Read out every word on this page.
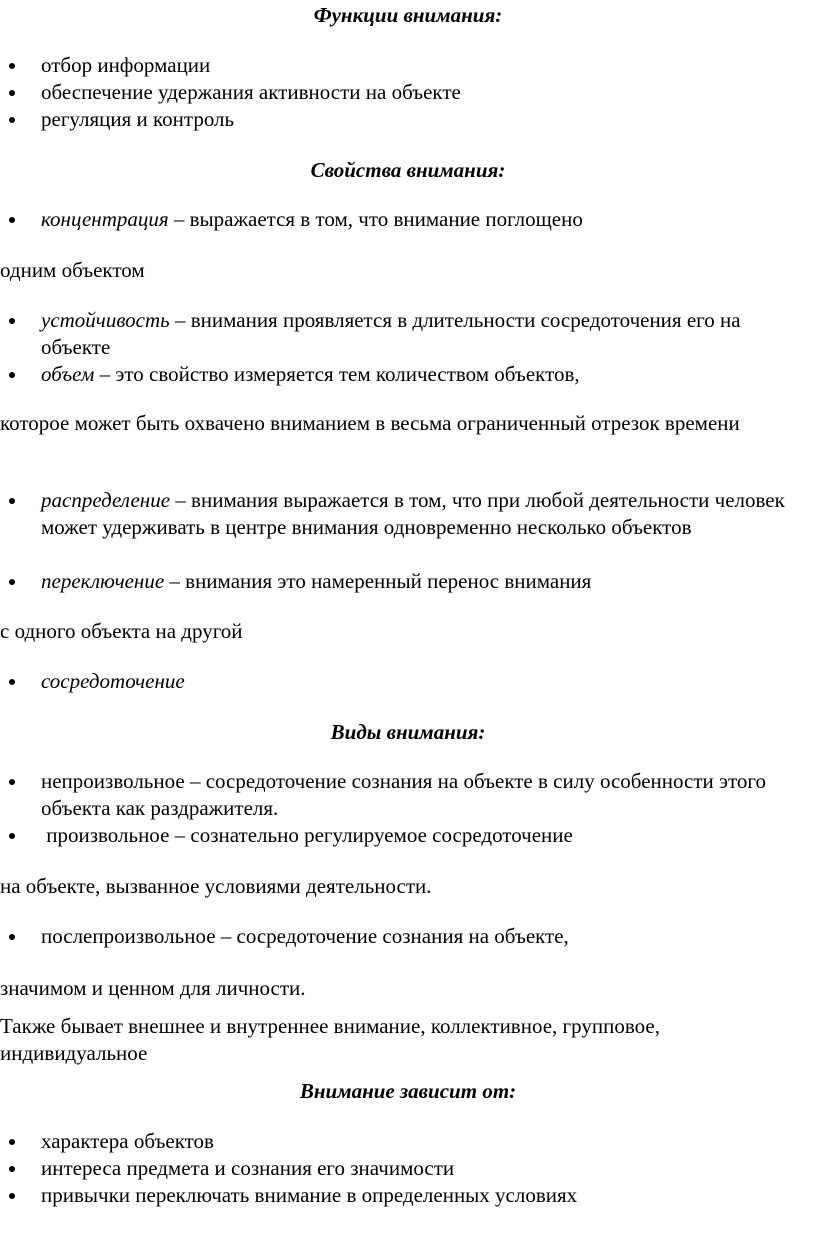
Функции внимания:
отбор информации
обеспечение удержания активности на объекте
регуляция и контроль
Свойства внимания:
концентрация – выражается в том, что внимание поглощено
одним объектом
устойчивость – внимания проявляется в длительности сосредоточения его на объекте
объем – это свойство измеряется тем количеством объектов,
которое может быть охвачено вниманием в весьма ограниченный отрезок времени
распределение – внимания выражается в том, что при любой деятельности человек может удерживать в центре внимания одновременно несколько объектов
переключение – внимания это намеренный перенос внимания
с одного объекта на другой
сосредоточение
Виды внимания:
непроизвольное – сосредоточение сознания на объекте в силу особенности этого объекта как раздражителя.
произвольное – сознательно регулируемое сосредоточение
на объекте, вызванное условиями деятельности.
послепроизвольное – сосредоточение сознания на объекте,
значимом и ценном для личности.
Также бывает внешнее и внутреннее внимание, коллективное, групповое, индивидуальное
Внимание зависит от:
характера объектов
интереса предмета и сознания его значимости
привычки переключать внимание в определенных условиях
